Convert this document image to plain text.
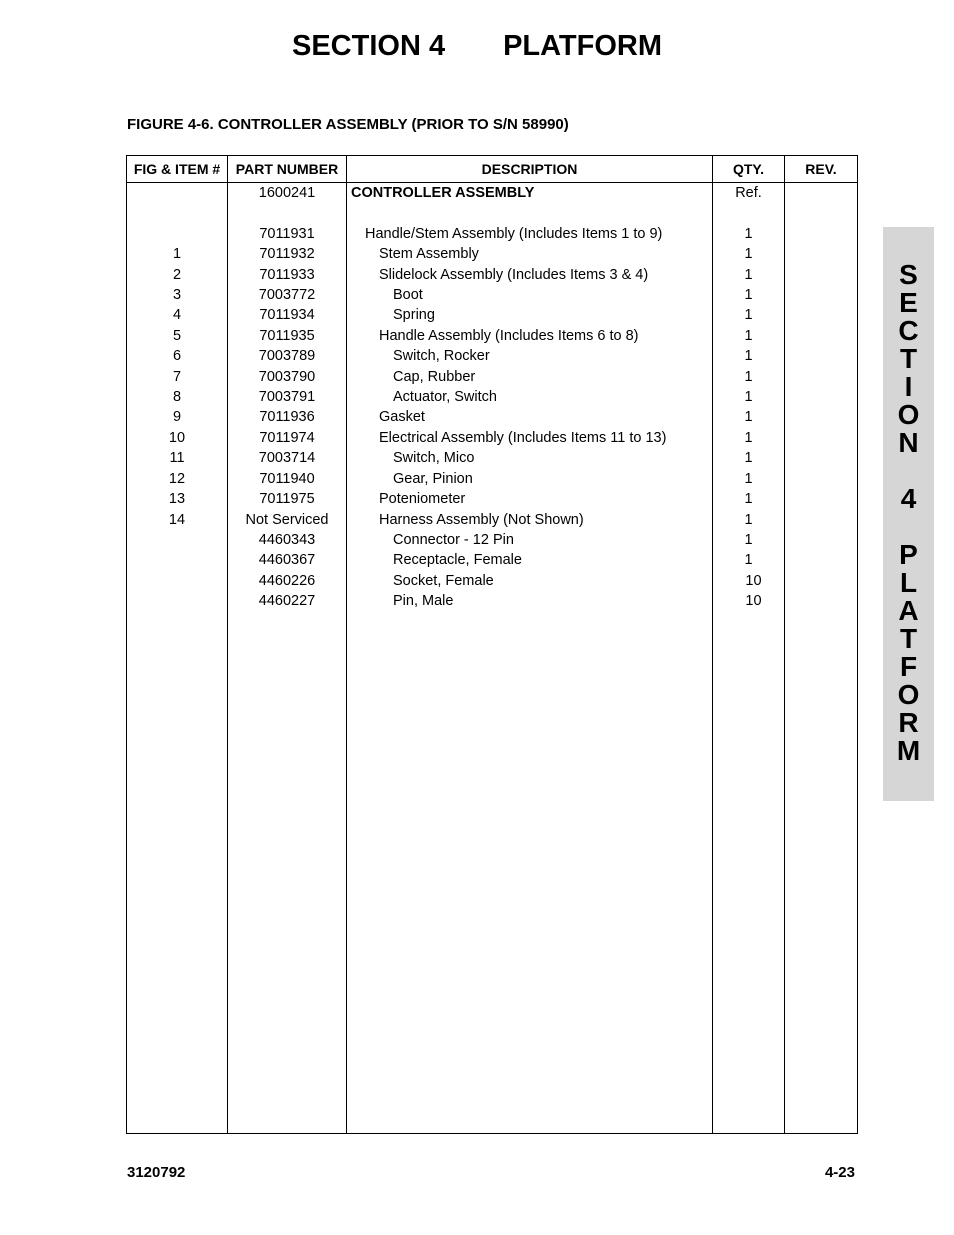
SECTION 4 PLATFORM
FIGURE 4-6. CONTROLLER ASSEMBLY (PRIOR TO S/N 58990)
FIG & ITEM #	PART NUMBER	DESCRIPTION	QTY.	REV.
	1600241	CONTROLLER ASSEMBLY	Ref.	

	7011931	Handle/Stem Assembly (Includes Items 1 to 9)	1	
1	7011932	Stem Assembly	1	
2	7011933	Slidelock Assembly (Includes Items 3 & 4)	1	
3	7003772	Boot	1	
4	7011934	Spring	1	
5	7011935	Handle Assembly (Includes Items 6 to 8)	1	
6	7003789	Switch, Rocker	1	
7	7003790	Cap, Rubber	1	
8	7003791	Actuator, Switch	1	
9	7011936	Gasket	1	
10	7011974	Electrical Assembly (Includes Items 11 to 13)	1	
11	7003714	Switch, Mico	1	
12	7011940	Gear, Pinion	1	
13	7011975	Poteniometer	1	
14	Not Serviced	Harness Assembly (Not Shown)	1	
	4460343	Connector - 12 Pin	1	
	4460367	Receptacle, Female	1	
	4460226	Socket, Female	10	
	4460227	Pin, Male	10	

S
E
C
T
I
O
N

4

P
L
A
T
F
O
R
M
3120792	4-23
